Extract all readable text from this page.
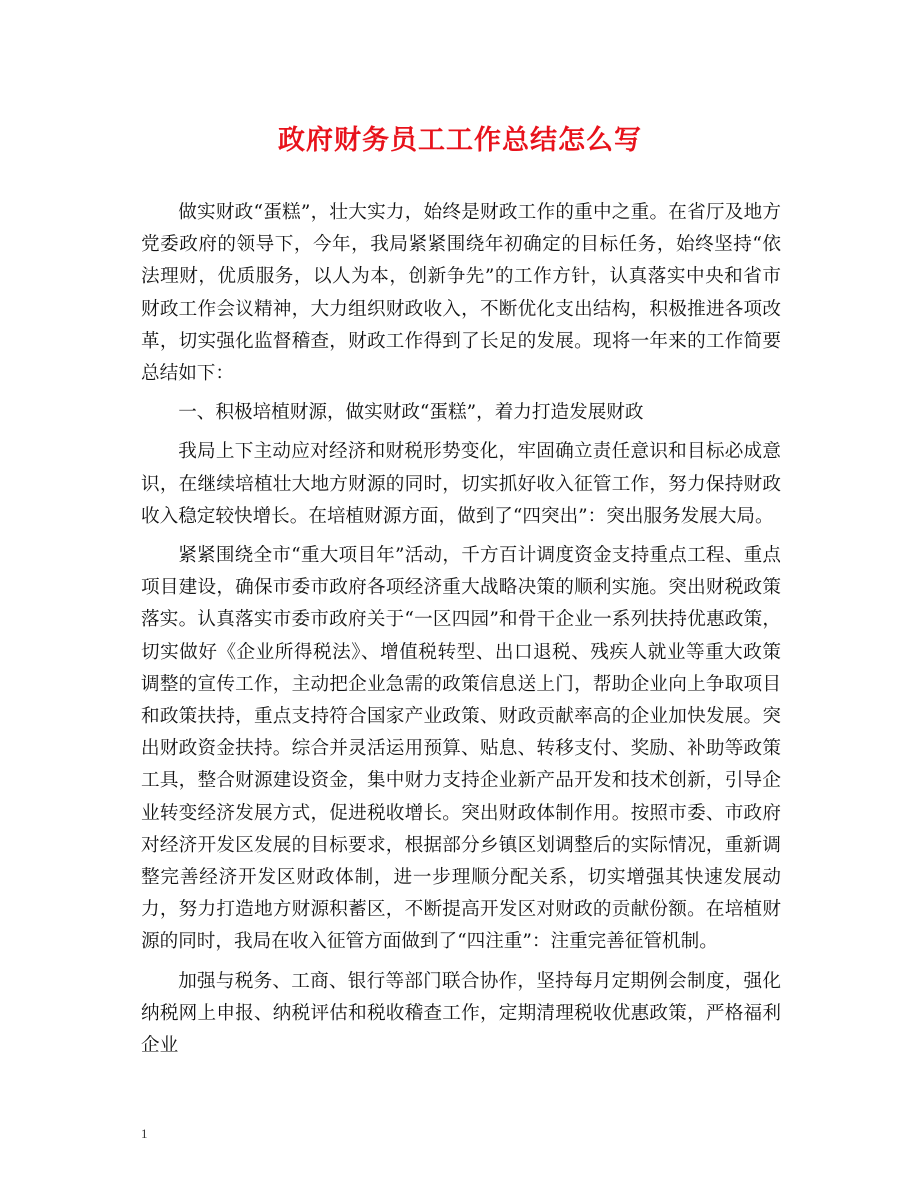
政府财务员工工作总结怎么写

做实财政“蛋糕”，壮大实力，始终是财政工作的重中之重。在省厅及地方党委政府的领导下，今年，我局紧紧围绕年初确定的目标任务，始终坚持“依法理财，优质服务，以人为本，创新争先”的工作方针，认真落实中央和省市财政工作会议精神，大力组织财政收入，不断优化支出结构，积极推进各项改革，切实强化监督稽查，财政工作得到了长足的发展。现将一年来的工作简要总结如下：

一、积极培植财源，做实财政“蛋糕”，着力打造发展财政

我局上下主动应对经济和财税形势变化，牢固确立责任意识和目标必成意识，在继续培植壮大地方财源的同时，切实抓好收入征管工作，努力保持财政收入稳定较快增长。在培植财源方面，做到了“四突出”：突出服务发展大局。

紧紧围绕全市“重大项目年”活动，千方百计调度资金支持重点工程、重点项目建设，确保市委市政府各项经济重大战略决策的顺利实施。突出财税政策落实。认真落实市委市政府关于“一区四园”和骨干企业一系列扶持优惠政策，切实做好《企业所得税法》、增值税转型、出口退税、残疾人就业等重大政策调整的宣传工作，主动把企业急需的政策信息送上门，帮助企业向上争取项目和政策扶持，重点支持符合国家产业政策、财政贡献率高的企业加快发展。突出财政资金扶持。综合并灵活运用预算、贴息、转移支付、奖励、补助等政策工具，整合财源建设资金，集中财力支持企业新产品开发和技术创新，引导企业转变经济发展方式，促进税收增长。突出财政体制作用。按照市委、市政府对经济开发区发展的目标要求，根据部分乡镇区划调整后的实际情况，重新调整完善经济开发区财政体制，进一步理顺分配关系，切实增强其快速发展动力，努力打造地方财源积蓄区，不断提高开发区对财政的贡献份额。在培植财源的同时，我局在收入征管方面做到了“四注重”：注重完善征管机制。

加强与税务、工商、银行等部门联合协作，坚持每月定期例会制度，强化纳税网上申报、纳税评估和税收稽查工作，定期清理税收优惠政策，严格福利企业

1
